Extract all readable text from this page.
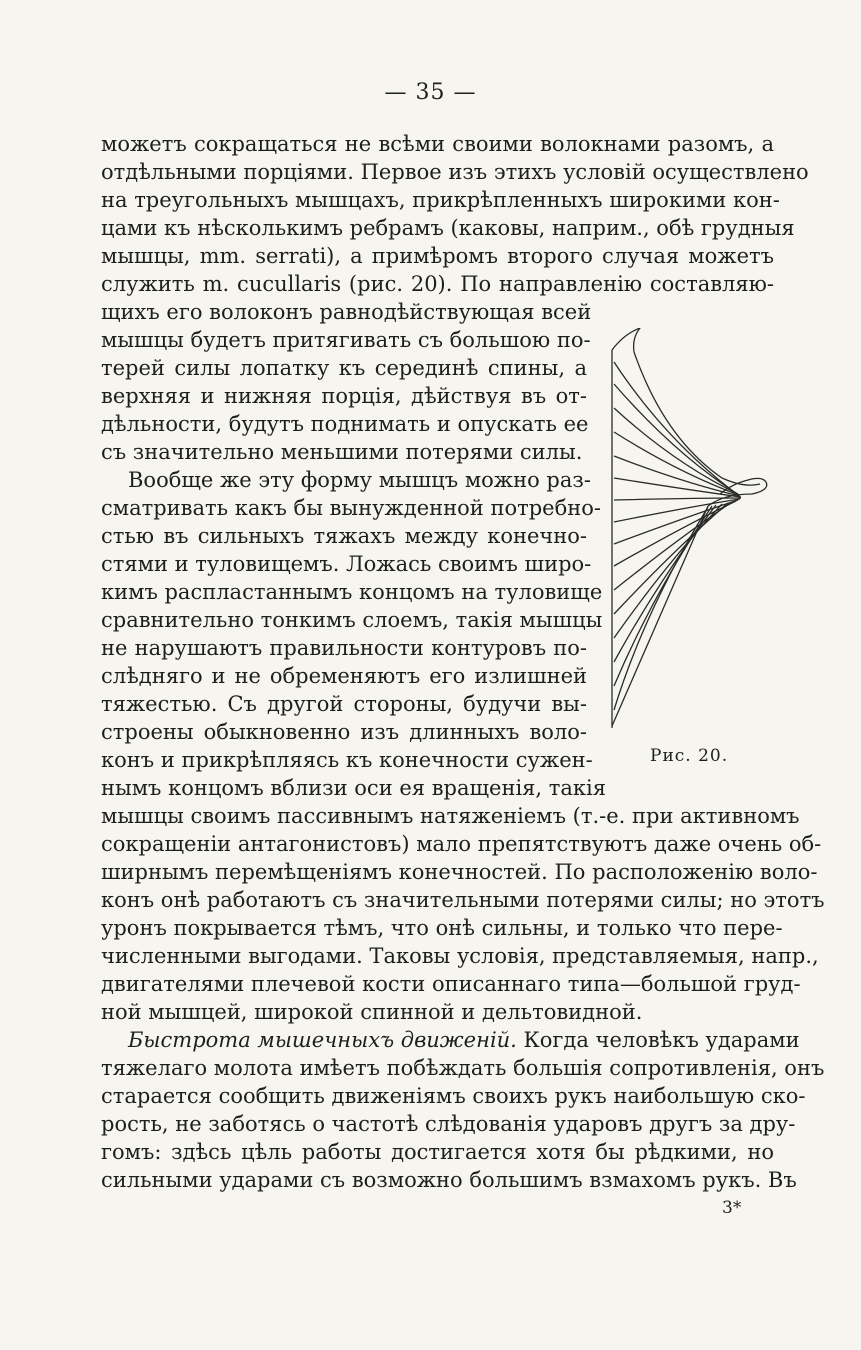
— 35 —
можетъ сокращаться не всѣми своими волокнами разомъ, а
отдѣльными порціями. Первое изъ этихъ условій осуществлено
на треугольныхъ мышцахъ, прикрѣпленныхъ широкими кон-
цами къ нѣсколькимъ ребрамъ (каковы, наприм., обѣ грудныя
мышцы, mm. serrati), а примѣромъ второго случая можетъ
служить m. cucullaris (рис. 20). По направленію составляю-
щихъ его волоконъ равнодѣйствующая всей
мышцы будетъ притягивать съ большою по-
терей силы лопатку къ серединѣ спины, а
верхняя и нижняя порція, дѣйствуя въ от-
дѣльности, будутъ поднимать и опускать ее
съ значительно меньшими потерями силы.
Вообще же эту форму мышцъ можно раз-
сматривать какъ бы вынужденной потребно-
стью въ сильныхъ тяжахъ между конечно-
стями и туловищемъ. Ложась своимъ широ-
кимъ распластаннымъ концомъ на туловище
сравнительно тонкимъ слоемъ, такія мышцы
не нарушаютъ правильности контуровъ по-
слѣдняго и не обременяютъ его излишней
тяжестью. Съ другой стороны, будучи вы-
строены обыкновенно изъ длинныхъ воло-
конъ и прикрѣпляясь къ конечности сужен-
нымъ концомъ вблизи оси ея вращенія, такія
мышцы своимъ пассивнымъ натяженіемъ (т.-е. при активномъ
сокращеніи антагонистовъ) мало препятствуютъ даже очень об-
ширнымъ перемѣщеніямъ конечностей. По расположенію воло-
конъ онѣ работаютъ съ значительными потерями силы; но этотъ
уронъ покрывается тѣмъ, что онѣ сильны, и только что пере-
численными выгодами. Таковы условія, представляемыя, напр.,
двигателями плечевой кости описаннаго типа—большой груд-
ной мышцей, широкой спинной и дельтовидной.
Быстрота мышечныхъ движеній. Когда человѣкъ ударами
тяжелаго молота имѣетъ побѣждать большія сопротивленія, онъ
старается сообщить движеніямъ своихъ рукъ наибольшую ско-
рость, не заботясь о частотѣ слѣдованія ударовъ другъ за дру-
гомъ: здѣсь цѣль работы достигается хотя бы рѣдкими, но
сильными ударами съ возможно большимъ взмахомъ рукъ. Въ
Рис. 20.
3*
